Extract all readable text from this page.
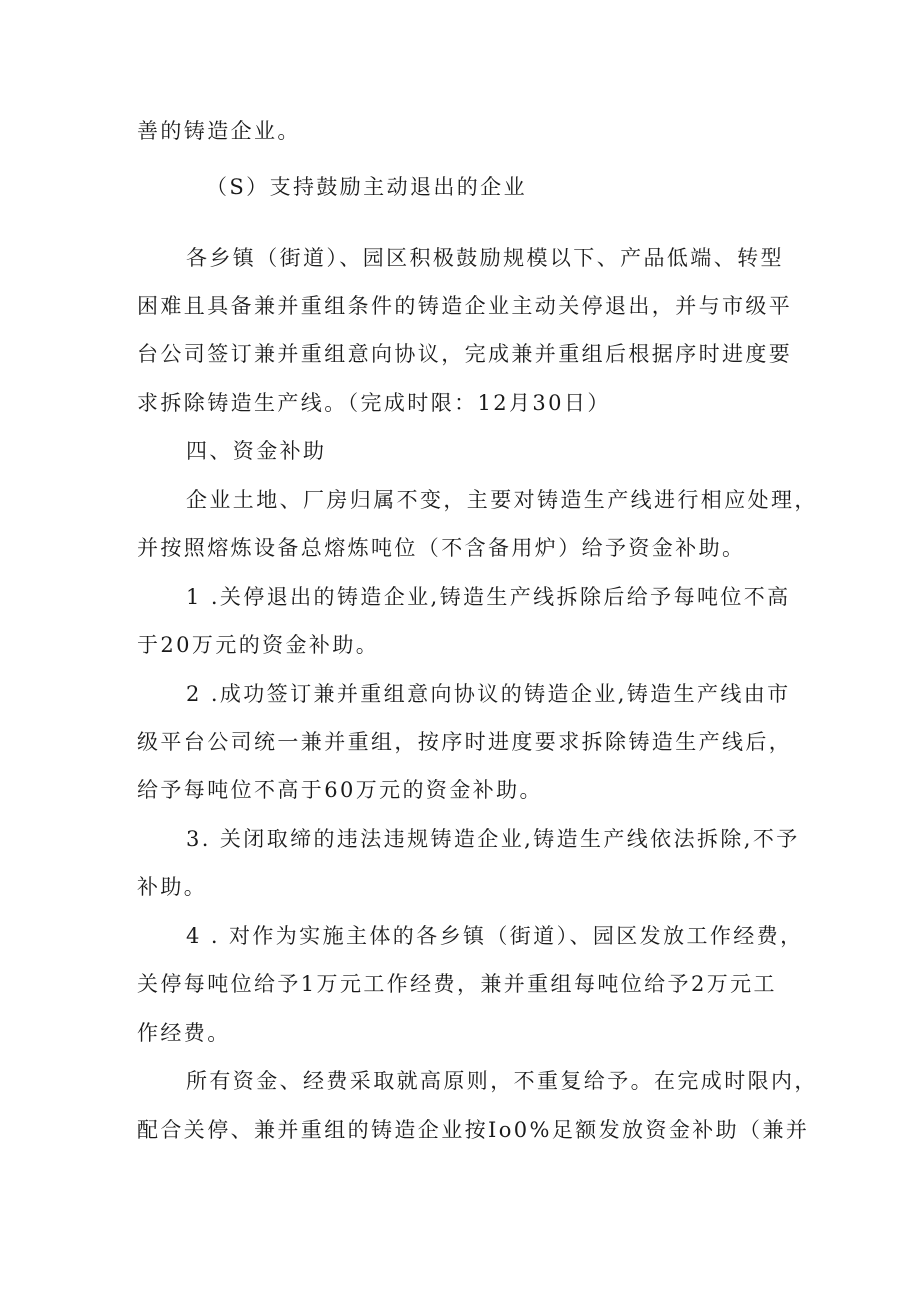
善的铸造企业。

（S）支持鼓励主动退出的企业

各乡镇（街道）、园区积极鼓励规模以下、产品低端、转型

困难且具备兼并重组条件的铸造企业主动关停退出，并与市级平

台公司签订兼并重组意向协议，完成兼并重组后根据序时进度要

求拆除铸造生产线。（完成时限：12月30日）

四、资金补助

企业土地、厂房归属不变，主要对铸造生产线进行相应处理，

并按照熔炼设备总熔炼吨位（不含备用炉）给予资金补助。

1 .关停退出的铸造企业,铸造生产线拆除后给予每吨位不高

于20万元的资金补助。

2 .成功签订兼并重组意向协议的铸造企业,铸造生产线由市

级平台公司统一兼并重组，按序时进度要求拆除铸造生产线后，

给予每吨位不高于60万元的资金补助。

3. 关闭取缔的违法违规铸造企业,铸造生产线依法拆除,不予

补助。

4 . 对作为实施主体的各乡镇（街道）、园区发放工作经费，

关停每吨位给予1万元工作经费，兼并重组每吨位给予2万元工

作经费。

所有资金、经费采取就高原则，不重复给予。在完成时限内，

配合关停、兼并重组的铸造企业按Io0%足额发放资金补助（兼并
